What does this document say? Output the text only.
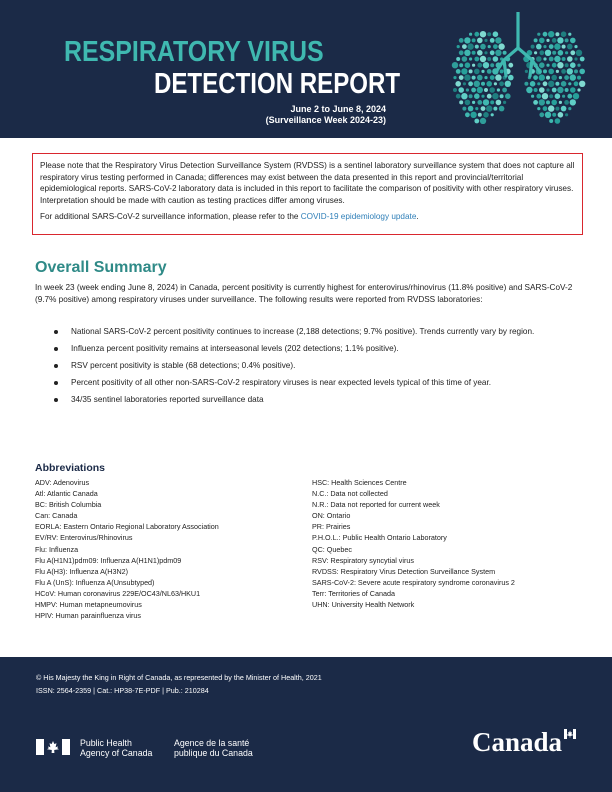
RESPIRATORY VIRUS
DETECTION REPORT
June 2 to June 8, 2024
(Surveillance Week 2024-23)

Please note that the Respiratory Virus Detection Surveillance System (RVDSS) is a sentinel laboratory surveillance system that does not capture all respiratory virus testing performed in Canada; differences may exist between the data presented in this report and provincial/territorial epidemiological reports. SARS-CoV-2 laboratory data is included in this report to facilitate the comparison of positivity with other respiratory viruses. Interpretation should be made with caution as testing practices differ among viruses.

For additional SARS-CoV-2 surveillance information, please refer to the COVID-19 epidemiology update.

Overall Summary

In week 23 (week ending June 8, 2024) in Canada, percent positivity is currently highest for enterovirus/rhinovirus (11.8% positive) and SARS-CoV-2 (9.7% positive) among respiratory viruses under surveillance. The following results were reported from RVDSS laboratories:

National SARS-CoV-2 percent positivity continues to increase (2,188 detections; 9.7% positive). Trends currently vary by region.
Influenza percent positivity remains at interseasonal levels (202 detections; 1.1% positive).
RSV percent positivity is stable (68 detections; 0.4% positive).
Percent positivity of all other non-SARS-CoV-2 respiratory viruses is near expected levels typical of this time of year.
34/35 sentinel laboratories reported surveillance data
Abbreviations
ADV: Adenovirus
Atl: Atlantic Canada
BC: British Columbia
Can: Canada
EORLA: Eastern Ontario Regional Laboratory Association
EV/RV: Enterovirus/Rhinovirus
Flu: Influenza
Flu A(H1N1)pdm09: Influenza A(H1N1)pdm09
Flu A(H3): Influenza A(H3N2)
Flu A (UnS): Influenza A(Unsubtyped)
HCoV: Human coronavirus 229E/OC43/NL63/HKU1
HMPV: Human metapneumovirus
HPIV: Human parainfluenza virus
HSC: Health Sciences Centre
N.C.: Data not collected
N.R.: Data not reported for current week
ON: Ontario
PR: Prairies
P.H.O.L.: Public Health Ontario Laboratory
QC: Quebec
RSV: Respiratory syncytial virus
RVDSS: Respiratory Virus Detection Surveillance System
SARS-CoV-2: Severe acute respiratory syndrome coronavirus 2
Terr: Territories of Canada
UHN: University Health Network
© His Majesty the King in Right of Canada, as represented by the Minister of Health, 2021
ISSN: 2564-2359 | Cat.: HP38-7E-PDF | Pub.: 210284
Public Health
Agency of Canada
Agence de la santé
publique du Canada	Canada
